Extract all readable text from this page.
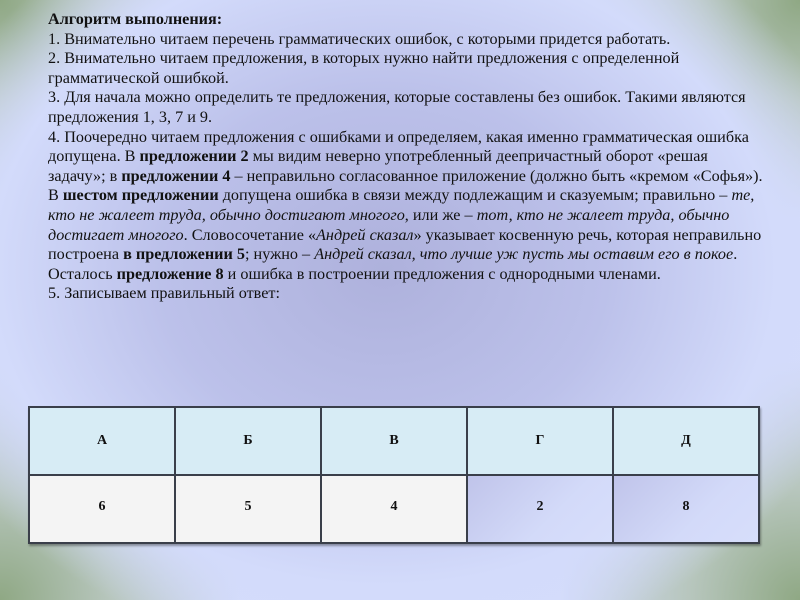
Алгоритм выполнения:

1. Внимательно читаем перечень грамматических ошибок, с которыми придется работать.

2. Внимательно читаем предложения, в которых нужно найти предложения с определенной грамматической ошибкой.

3. Для начала можно определить те предложения, которые составлены без ошибок. Такими являются предложения 1, 3, 7 и 9.

4. Поочередно читаем предложения с ошибками и определяем, какая именно грамматическая ошибка допущена. В предложении 2 мы видим неверно употребленный деепричастный оборот «решая задачу»; в предложении 4 – неправильно согласованное приложение (должно быть «кремом «Софья»). В шестом предложении допущена ошибка в связи между подлежащим и сказуемым; правильно – те, кто не жалеет труда, обычно достигают многого, или же – тот, кто не жалеет труда, обычно достигает многого. Словосочетание «Андрей сказал» указывает косвенную речь, которая неправильно построена в предложении 5; нужно – Андрей сказал, что лучше уж пусть мы оставим его в покое. Осталось предложение 8 и ошибка в построении предложения с однородными членами.

5. Записываем правильный ответ:

А	Б	В	Г	Д
6	5	4	2	8
